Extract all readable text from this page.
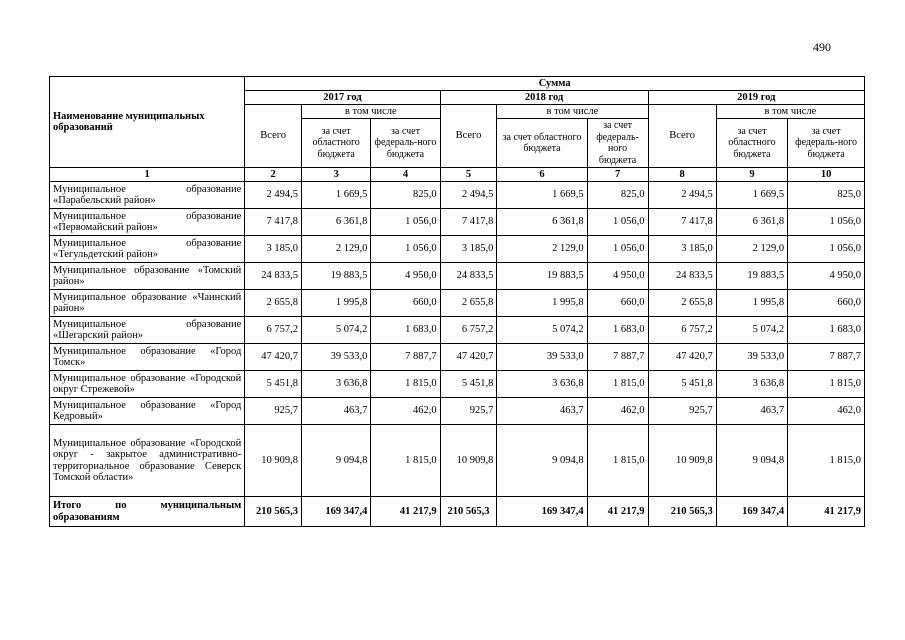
490
Наименование муниципальных образований	Сумма								
	2017 год			2018 год			2019 год		
	Всего	в том числе		Всего	в том числе		Всего	в том числе	
		за счет областного бюджета	за счет федераль-ного бюджета		за счет областного бюджета	за счет федераль-ного бюджета		за счет областного бюджета	за счет федераль-ного бюджета
1	2	3	4	5	6	7	8	9	10
Муниципальное образование «Парабельский район»	2 494,5	1 669,5	825,0	2 494,5	1 669,5	825,0	2 494,5	1 669,5	825,0
Муниципальное образование «Первомайский район»	7 417,8	6 361,8	1 056,0	7 417,8	6 361,8	1 056,0	7 417,8	6 361,8	1 056,0
Муниципальное образование «Тегульдетский район»	3 185,0	2 129,0	1 056,0	3 185,0	2 129,0	1 056,0	3 185,0	2 129,0	1 056,0
Муниципальное образование «Томский район»	24 833,5	19 883,5	4 950,0	24 833,5	19 883,5	4 950,0	24 833,5	19 883,5	4 950,0
Муниципальное образование «Чаинский район»	2 655,8	1 995,8	660,0	2 655,8	1 995,8	660,0	2 655,8	1 995,8	660,0
Муниципальное образование «Шегарский район»	6 757,2	5 074,2	1 683,0	6 757,2	5 074,2	1 683,0	6 757,2	5 074,2	1 683,0
Муниципальное образование «Город Томск»	47 420,7	39 533,0	7 887,7	47 420,7	39 533,0	7 887,7	47 420,7	39 533,0	7 887,7
Муниципальное образование «Городской округ Стрежевой»	5 451,8	3 636,8	1 815,0	5 451,8	3 636,8	1 815,0	5 451,8	3 636,8	1 815,0
Муниципальное образование «Город Кедровый»	925,7	463,7	462,0	925,7	463,7	462,0	925,7	463,7	462,0
Муниципальное образование «Городской округ - закрытое административно-территориальное образование Северск Томской области»	10 909,8	9 094,8	1 815,0	10 909,8	9 094,8	1 815,0	10 909,8	9 094,8	1 815,0
Итого по муниципальным образованиям	210 565,3	169 347,4	41 217,9	210 565,3	169 347,4	41 217,9	210 565,3	169 347,4	41 217,9
